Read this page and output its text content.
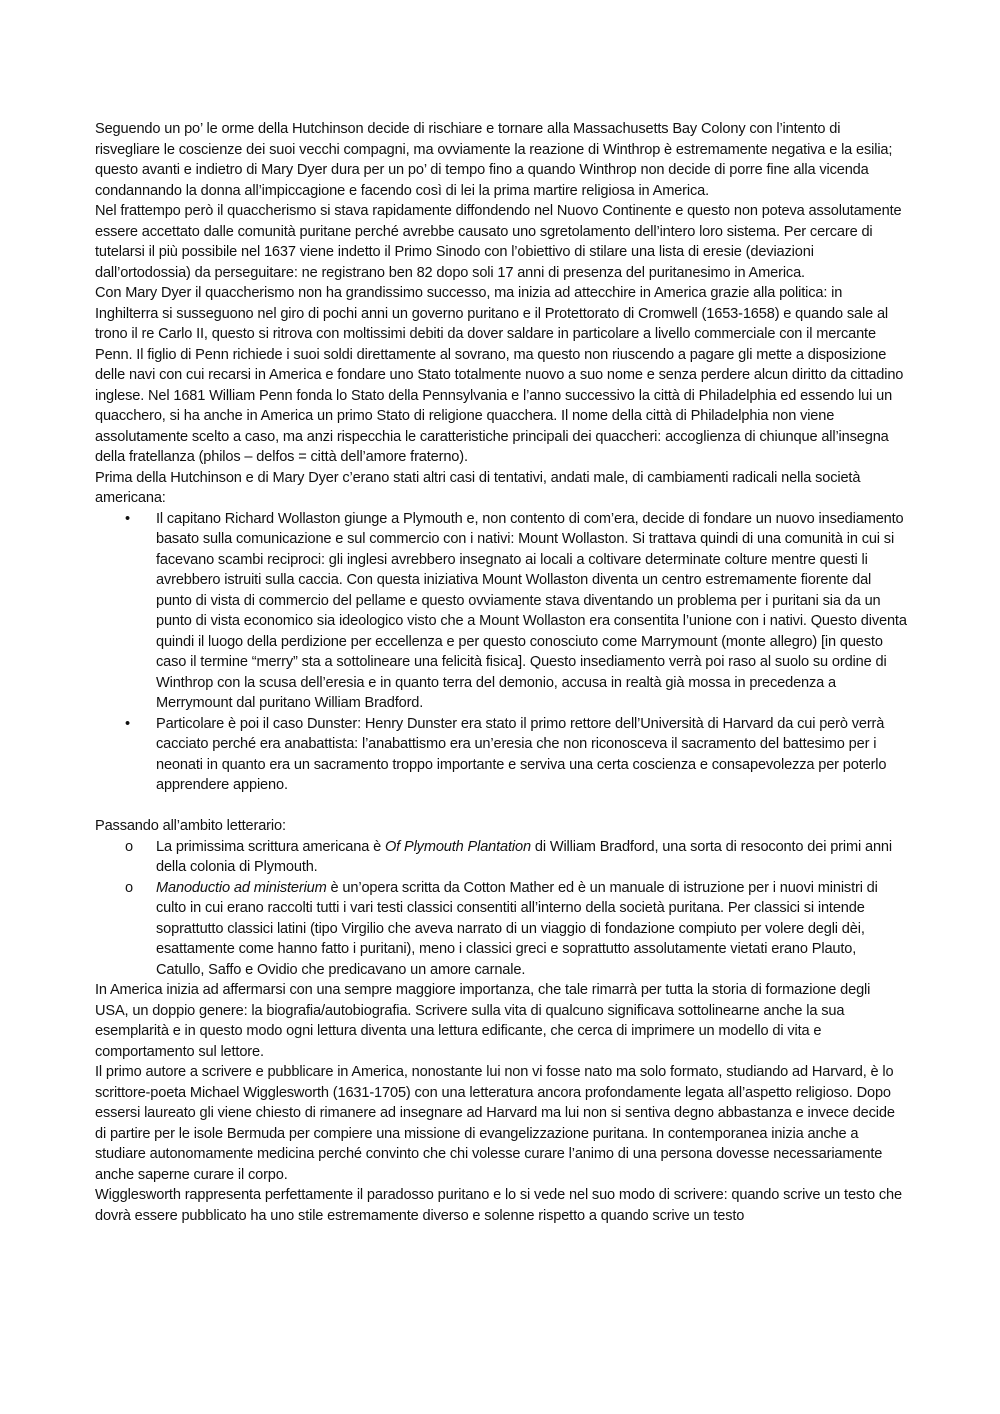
Seguendo un po’ le orme della Hutchinson decide di rischiare e tornare alla Massachusetts Bay Colony con l’intento di risvegliare le coscienze dei suoi vecchi compagni, ma ovviamente la reazione di Winthrop è estremamente negativa e la esilia; questo avanti e indietro di Mary Dyer dura per un po’ di tempo fino a quando Winthrop non decide di porre fine alla vicenda condannando la donna all’impiccagione e facendo così di lei la prima martire religiosa in America.

Nel frattempo però il quaccherismo si stava rapidamente diffondendo nel Nuovo Continente e questo non poteva assolutamente essere accettato dalle comunità puritane perché avrebbe causato uno sgretolamento dell’intero loro sistema. Per cercare di tutelarsi il più possibile nel 1637 viene indetto il Primo Sinodo con l’obiettivo di stilare una lista di eresie (deviazioni dall’ortodossia) da perseguitare: ne registrano ben 82 dopo soli 17 anni di presenza del puritanesimo in America.

Con Mary Dyer il quaccherismo non ha grandissimo successo, ma inizia ad attecchire in America grazie alla politica: in Inghilterra si susseguono nel giro di pochi anni un governo puritano e il Protettorato di Cromwell (1653-1658) e quando sale al trono il re Carlo II, questo si ritrova con moltissimi debiti da dover saldare in particolare a livello commerciale con il mercante Penn. Il figlio di Penn richiede i suoi soldi direttamente al sovrano, ma questo non riuscendo a pagare gli mette a disposizione delle navi con cui recarsi in America e fondare uno Stato totalmente nuovo a suo nome e senza perdere alcun diritto da cittadino inglese. Nel 1681 William Penn fonda lo Stato della Pennsylvania e l’anno successivo la città di Philadelphia ed essendo lui un quacchero, si ha anche in America un primo Stato di religione quacchera. Il nome della città di Philadelphia non viene assolutamente scelto a caso, ma anzi rispecchia le caratteristiche principali dei quaccheri: accoglienza di chiunque all’insegna della fratellanza (philos – delfos = città dell’amore fraterno).

Prima della Hutchinson e di Mary Dyer c’erano stati altri casi di tentativi, andati male, di cambiamenti radicali nella società americana:

•	Il capitano Richard Wollaston giunge a Plymouth e, non contento di com’era, decide di fondare un nuovo insediamento basato sulla comunicazione e sul commercio con i nativi: Mount Wollaston. Si trattava quindi di una comunità in cui si facevano scambi reciproci: gli inglesi avrebbero insegnato ai locali a coltivare determinate colture mentre questi li avrebbero istruiti sulla caccia. Con questa iniziativa Mount Wollaston diventa un centro estremamente fiorente dal punto di vista di commercio del pellame e questo ovviamente stava diventando un problema per i puritani sia da un punto di vista economico sia ideologico visto che a Mount Wollaston era consentita l’unione con i nativi. Questo diventa quindi il luogo della perdizione per eccellenza e per questo conosciuto come Marrymount (monte allegro) [in questo caso il termine “merry” sta a sottolineare una felicità fisica]. Questo insediamento verrà poi raso al suolo su ordine di Winthrop con la scusa dell’eresia e in quanto terra del demonio, accusa in realtà già mossa in precedenza a Merrymount dal puritano William Bradford.
•	Particolare è poi il caso Dunster: Henry Dunster era stato il primo rettore dell’Università di Harvard da cui però verrà cacciato perché era anabattista: l’anabattismo era un’eresia che non riconosceva il sacramento del battesimo per i neonati in quanto era un sacramento troppo importante e serviva una certa coscienza e consapevolezza per poterlo apprendere appieno.

Passando all’ambito letterario:

o	La primissima scrittura americana è Of Plymouth Plantation di William Bradford, una sorta di resoconto dei primi anni della colonia di Plymouth.
o	Manoductio ad ministerium è un’opera scritta da Cotton Mather ed è un manuale di istruzione per i nuovi ministri di culto in cui erano raccolti tutti i vari testi classici consentiti all’interno della società puritana. Per classici si intende soprattutto classici latini (tipo Virgilio che aveva narrato di un viaggio di fondazione compiuto per volere degli dèi, esattamente come hanno fatto i puritani), meno i classici greci e soprattutto assolutamente vietati erano Plauto, Catullo, Saffo e Ovidio che predicavano un amore carnale.

In America inizia ad affermarsi con una sempre maggiore importanza, che tale rimarrà per tutta la storia di formazione degli USA, un doppio genere: la biografia/autobiografia. Scrivere sulla vita di qualcuno significava sottolinearne anche la sua esemplarità e in questo modo ogni lettura diventa una lettura edificante, che cerca di imprimere un modello di vita e comportamento sul lettore.

Il primo autore a scrivere e pubblicare in America, nonostante lui non vi fosse nato ma solo formato, studiando ad Harvard, è lo scrittore-poeta Michael Wigglesworth (1631-1705) con una letteratura ancora profondamente legata all’aspetto religioso. Dopo essersi laureato gli viene chiesto di rimanere ad insegnare ad Harvard ma lui non si sentiva degno abbastanza e invece decide di partire per le isole Bermuda per compiere una missione di evangelizzazione puritana. In contemporanea inizia anche a studiare autonomamente medicina perché convinto che chi volesse curare l’animo di una persona dovesse necessariamente anche saperne curare il corpo.

Wigglesworth rappresenta perfettamente il paradosso puritano e lo si vede nel suo modo di scrivere: quando scrive un testo che dovrà essere pubblicato ha uno stile estremamente diverso e solenne rispetto a quando scrive un testo
